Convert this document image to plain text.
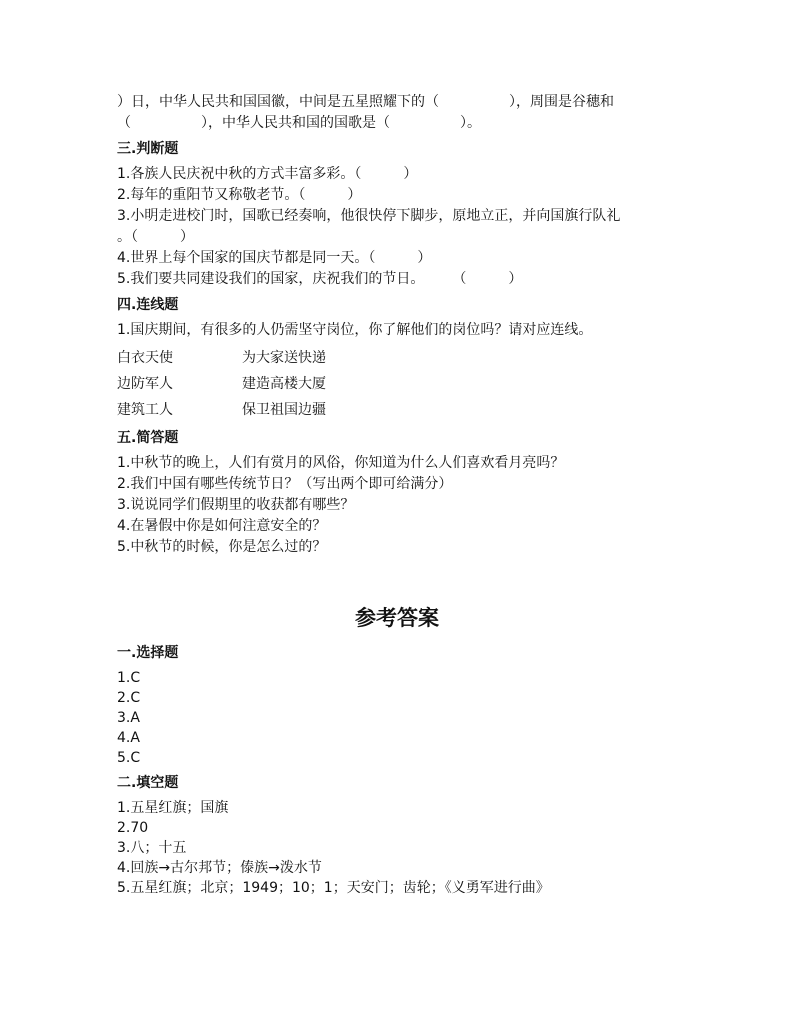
）日，中华人民共和国国徽，中间是五星照耀下的（　　　　　），周围是谷穗和
（　　　　　），中华人民共和国的国歌是（　　　　　）。
三.判断题
1.各族人民庆祝中秋的方式丰富多彩。（　　　）
2.每年的重阳节又称敬老节。（　　　）
3.小明走进校门时，国歌已经奏响，他很快停下脚步，原地立正，并向国旗行队礼
。（　　　）
4.世界上每个国家的国庆节都是同一天。（　　　）
5.我们要共同建设我们的国家，庆祝我们的节日。　　　（　　　）
四.连线题
1.国庆期间，有很多的人仍需坚守岗位，你了解他们的岗位吗？请对应连线。
白衣天使	为大家送快递
边防军人	建造高楼大厦
建筑工人	保卫祖国边疆
五.简答题
1.中秋节的晚上，人们有赏月的风俗，你知道为什么人们喜欢看月亮吗？
2.我们中国有哪些传统节日？（写出两个即可给满分）
3.说说同学们假期里的收获都有哪些？
4.在暑假中你是如何注意安全的？
5.中秋节的时候，你是怎么过的？
参考答案
一.选择题
1.C
2.C
3.A
4.A
5.C
二.填空题
1.五星红旗；国旗
2.70
3.八；十五
4.回族→古尔邦节；傣族→泼水节
5.五星红旗；北京；1949；10；1；天安门；齿轮；《义勇军进行曲》
